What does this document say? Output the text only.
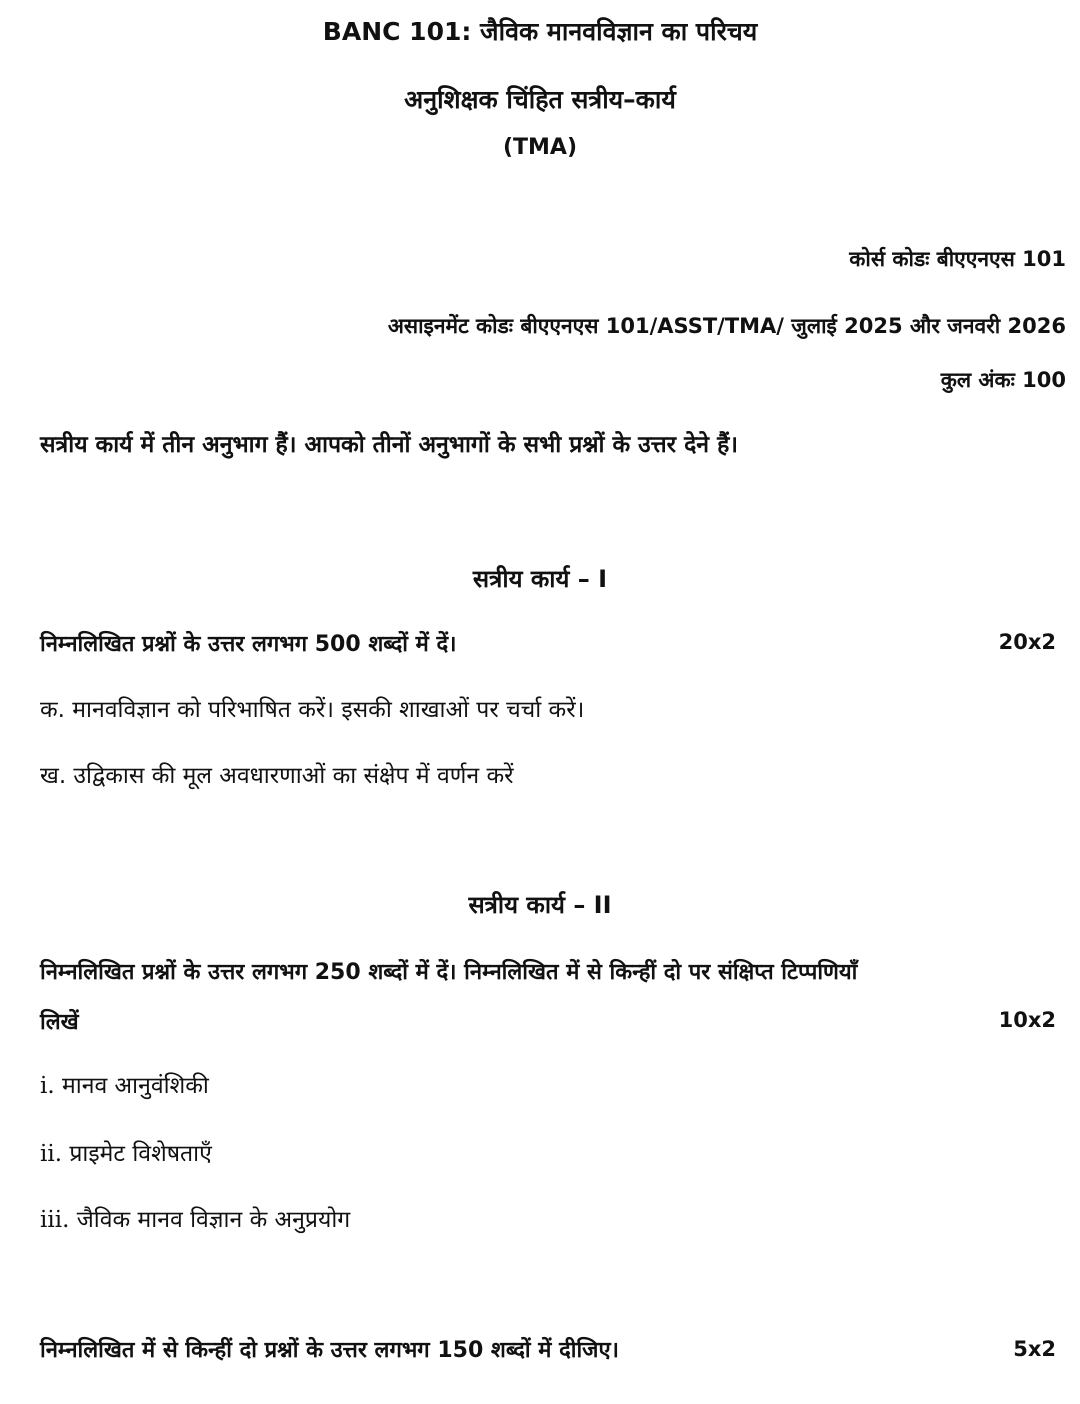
BANC 101: जैविक मानवविज्ञान का परिचय
अनुशिक्षक चिंहित सत्रीय–कार्य
(TMA)
कोर्स कोडः बीएएनएस 101
असाइनमेंट कोडः बीएएनएस 101/ASST/TMA/ जुलाई 2025 और जनवरी 2026
कुल अंकः 100
सत्रीय कार्य में तीन अनुभाग हैं। आपको तीनों अनुभागों के सभी प्रश्नों के उत्तर देने हैं।
सत्रीय कार्य – I
निम्नलिखित प्रश्नों के उत्तर लगभग 500 शब्दों में दें।	20x2
क. मानवविज्ञान को परिभाषित करें। इसकी शाखाओं पर चर्चा करें।
ख. उद्विकास की मूल अवधारणाओं का संक्षेप में वर्णन करें
सत्रीय कार्य – II
निम्नलिखित प्रश्नों के उत्तर लगभग 250 शब्दों में दें। निम्नलिखित में से किन्हीं दो पर संक्षिप्त टिप्पणियाँ
लिखें	10x2
i. मानव आनुवंशिकी
ii. प्राइमेट विशेषताएँ
iii. जैविक मानव विज्ञान के अनुप्रयोग
निम्नलिखित में से किन्हीं दो प्रश्नों के उत्तर लगभग 150 शब्दों में दीजिए।	5x2
